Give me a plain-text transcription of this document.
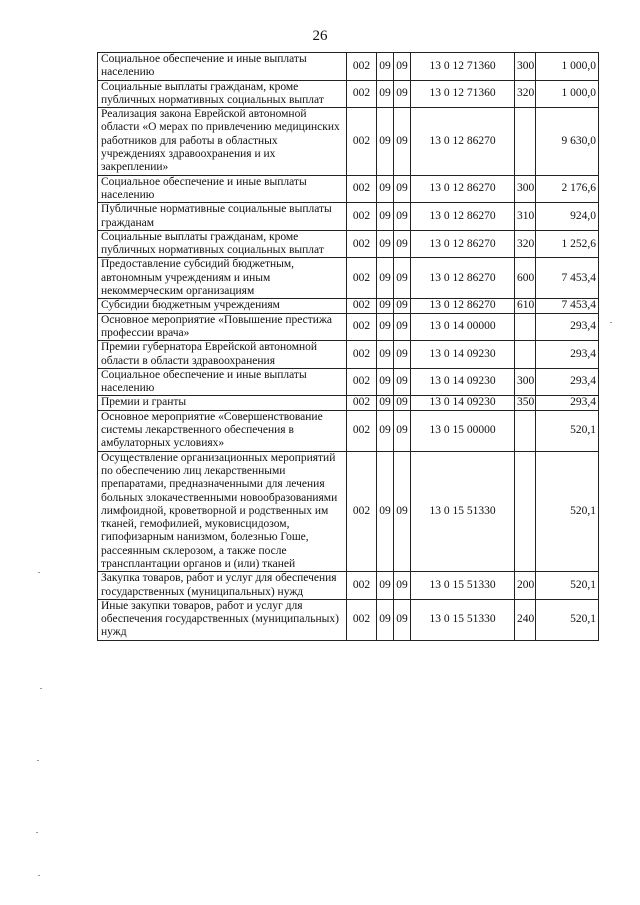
26
Социальное обеспечение и иные выплаты населению	002	09	09	13 0 12 71360	300	1 000,0
Социальные выплаты гражданам, кроме публичных нормативных социальных выплат	002	09	09	13 0 12 71360	320	1 000,0
Реализация закона Еврейской автономной области «О мерах по привлечению медицинских работников для работы в областных учреждениях здравоохранения и их закреплении»	002	09	09	13 0 12 86270		9 630,0
Социальное обеспечение и иные выплаты населению	002	09	09	13 0 12 86270	300	2 176,6
Публичные нормативные социальные выплаты гражданам	002	09	09	13 0 12 86270	310	924,0
Социальные выплаты гражданам, кроме публичных нормативных социальных выплат	002	09	09	13 0 12 86270	320	1 252,6
Предоставление субсидий бюджетным, автономным учреждениям и иным некоммерческим организациям	002	09	09	13 0 12 86270	600	7 453,4
Субсидии бюджетным учреждениям	002	09	09	13 0 12 86270	610	7 453,4
Основное мероприятие «Повышение престижа профессии врача»	002	09	09	13 0 14 00000		293,4
Премии губернатора Еврейской автономной области в области здравоохранения	002	09	09	13 0 14 09230		293,4
Социальное обеспечение и иные выплаты населению	002	09	09	13 0 14 09230	300	293,4
Премии и гранты	002	09	09	13 0 14 09230	350	293,4
Основное мероприятие «Совершенствование системы лекарственного обеспечения в амбулаторных условиях»	002	09	09	13 0 15 00000		520,1
Осуществление организационных мероприятий по обеспечению лиц лекарственными препаратами, предназначенными для лечения больных злокачественными новообразованиями лимфоидной, кроветворной и родственных им тканей, гемофилией, муковисцидозом, гипофизарным нанизмом, болезнью Гоше, рассеянным склерозом, а также после трансплантации органов и (или) тканей	002	09	09	13 0 15 51330		520,1
Закупка товаров, работ и услуг для обеспечения государственных (муниципальных) нужд	002	09	09	13 0 15 51330	200	520,1
Иные закупки товаров, работ и услуг для обеспечения государственных (муниципальных) нужд	002	09	09	13 0 15 51330	240	520,1
